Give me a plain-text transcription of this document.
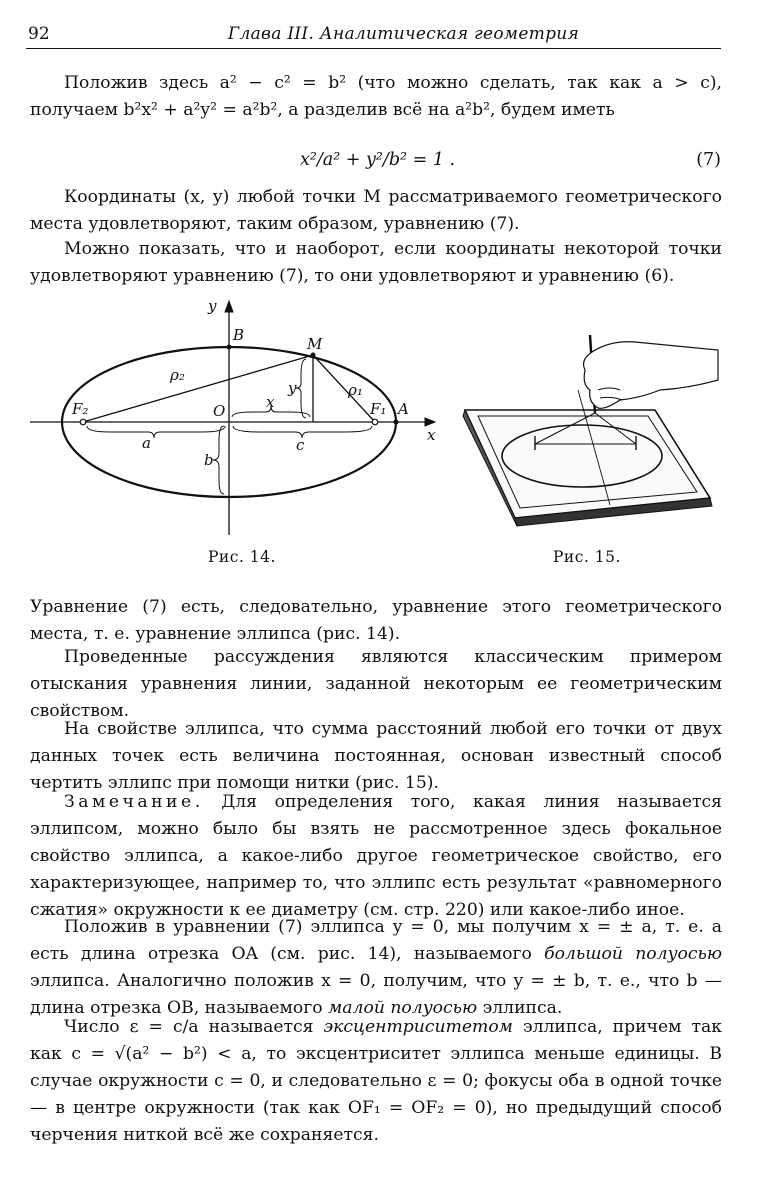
92	Глава III. Аналитическая геометрия

Положив здесь a² − c² = b² (что можно сделать, так как a > c), получаем b²x² + a²y² = a²b², а разделив всё на a²b², будем иметь

x²/a² + y²/b² = 1 .	(7)

Координаты (x, y) любой точки M рассматриваемого геометрического места удовлетворяют, таким образом, уравнению (7).

Можно показать, что и наоборот, если координаты некоторой точки удовлетворяют уравнению (7), то они удовлетворяют и уравнению (6).

y
x
B	M
O	F₁
F₂	A
ρ₁
ρ₂
a
b
c
x
y
Рис. 14.	Рис. 15.

Уравнение (7) есть, следовательно, уравнение этого геометрического места, т. е. уравнение эллипса (рис. 14).

Проведенные рассуждения являются классическим примером отыскания уравнения линии, заданной некоторым ее геометрическим свойством.

На свойстве эллипса, что сумма расстояний любой его точки от двух данных точек есть величина постоянная, основан известный способ чертить эллипс при помощи нитки (рис. 15).

Замечание. Для определения того, какая линия называется эллипсом, можно было бы взять не рассмотренное здесь фокальное свойство эллипса, а какое-либо другое геометрическое свойство, его характеризующее, например то, что эллипс есть результат «равномерного сжатия» окружности к ее диаметру (см. стр. 220) или какое-либо иное.

Положив в уравнении (7) эллипса y = 0, мы получим x = ± a, т. е. a есть длина отрезка OA (см. рис. 14), называемого большой полуосью эллипса. Аналогично положив x = 0, получим, что y = ± b, т. е., что b — длина отрезка OB, называемого малой полуосью эллипса.

Число ε = c/a называется эксцентриситетом эллипса, причем так как c = √(a² − b²) < a, то эксцентриситет эллипса меньше единицы. В случае окружности c = 0, и следовательно ε = 0; фокусы оба в одной точке — в центре окружности (так как OF₁ = OF₂ = 0), но предыдущий способ черчения ниткой всё же сохраняется.
